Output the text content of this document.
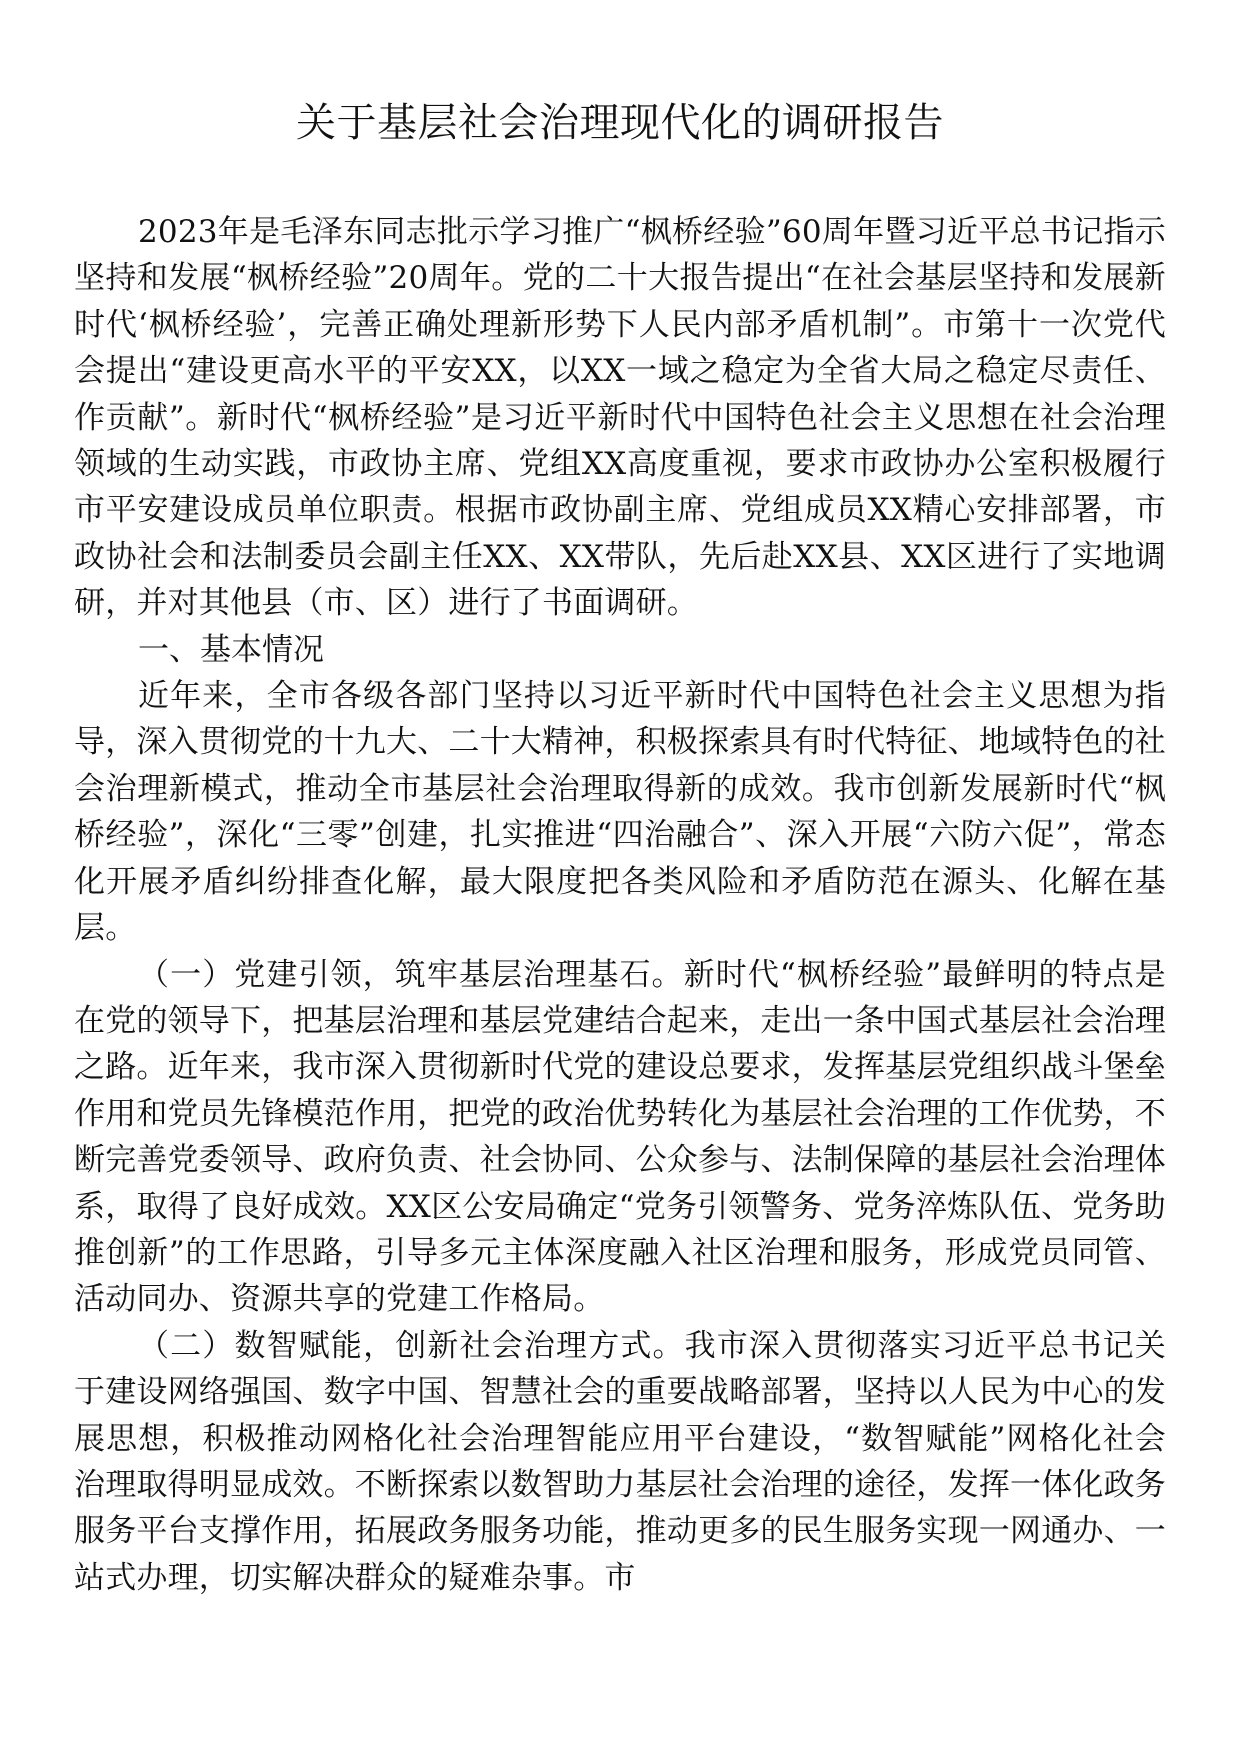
关于基层社会治理现代化的调研报告

2023年是毛泽东同志批示学习推广“枫桥经验”60周年暨习近平总书记指示坚持和发展“枫桥经验”20周年。党的二十大报告提出“在社会基层坚持和发展新时代‘枫桥经验’，完善正确处理新形势下人民内部矛盾机制”。市第十一次党代会提出“建设更高水平的平安XX，以XX一域之稳定为全省大局之稳定尽责任、作贡献”。新时代“枫桥经验”是习近平新时代中国特色社会主义思想在社会治理领域的生动实践，市政协主席、党组XX高度重视，要求市政协办公室积极履行市平安建设成员单位职责。根据市政协副主席、党组成员XX精心安排部署，市政协社会和法制委员会副主任XX、XX带队，先后赴XX县、XX区进行了实地调研，并对其他县（市、区）进行了书面调研。

一、基本情况

近年来，全市各级各部门坚持以习近平新时代中国特色社会主义思想为指导，深入贯彻党的十九大、二十大精神，积极探索具有时代特征、地域特色的社会治理新模式，推动全市基层社会治理取得新的成效。我市创新发展新时代“枫桥经验”，深化“三零”创建，扎实推进“四治融合”、深入开展“六防六促”，常态化开展矛盾纠纷排查化解，最大限度把各类风险和矛盾防范在源头、化解在基层。

（一）党建引领，筑牢基层治理基石。新时代“枫桥经验”最鲜明的特点是在党的领导下，把基层治理和基层党建结合起来，走出一条中国式基层社会治理之路。近年来，我市深入贯彻新时代党的建设总要求，发挥基层党组织战斗堡垒作用和党员先锋模范作用，把党的政治优势转化为基层社会治理的工作优势，不断完善党委领导、政府负责、社会协同、公众参与、法制保障的基层社会治理体系，取得了良好成效。XX区公安局确定“党务引领警务、党务淬炼队伍、党务助推创新”的工作思路，引导多元主体深度融入社区治理和服务，形成党员同管、活动同办、资源共享的党建工作格局。

（二）数智赋能，创新社会治理方式。我市深入贯彻落实习近平总书记关于建设网络强国、数字中国、智慧社会的重要战略部署，坚持以人民为中心的发展思想，积极推动网格化社会治理智能应用平台建设，“数智赋能”网格化社会治理取得明显成效。不断探索以数智助力基层社会治理的途径，发挥一体化政务服务平台支撑作用，拓展政务服务功能，推动更多的民生服务实现一网通办、一站式办理，切实解决群众的疑难杂事。市
